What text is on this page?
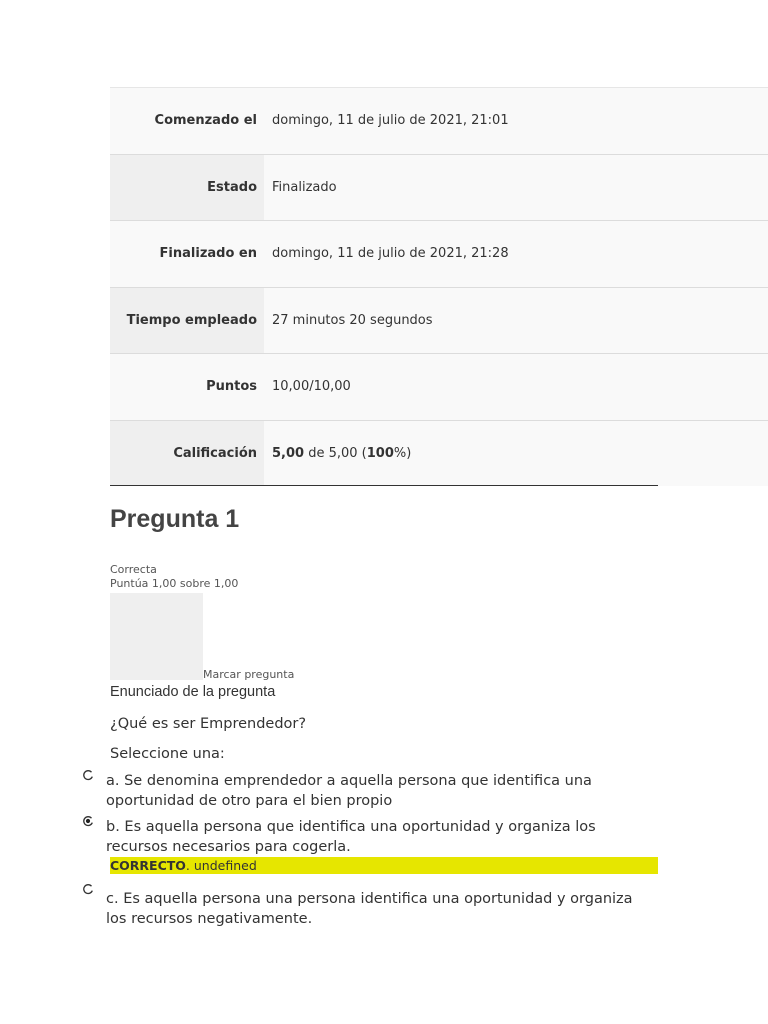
Comenzado el	domingo, 11 de julio de 2021, 21:01
Estado	Finalizado
Finalizado en	domingo, 11 de julio de 2021, 21:28
Tiempo empleado	27 minutos 20 segundos
Puntos	10,00/10,00
Calificación	5,00 de 5,00 (100%)
Pregunta 1
Correcta
Puntúa 1,00 sobre 1,00
Marcar pregunta
Enunciado de la pregunta
¿Qué es ser Emprendedor?
Seleccione una:
a. Se denomina emprendedor a aquella persona que identifica una oportunidad de otro para el bien propio
b. Es aquella persona que identifica una oportunidad y organiza los recursos necesarios para cogerla.
CORRECTO. undefined
c. Es aquella persona una persona identifica una oportunidad y organiza los recursos negativamente.
